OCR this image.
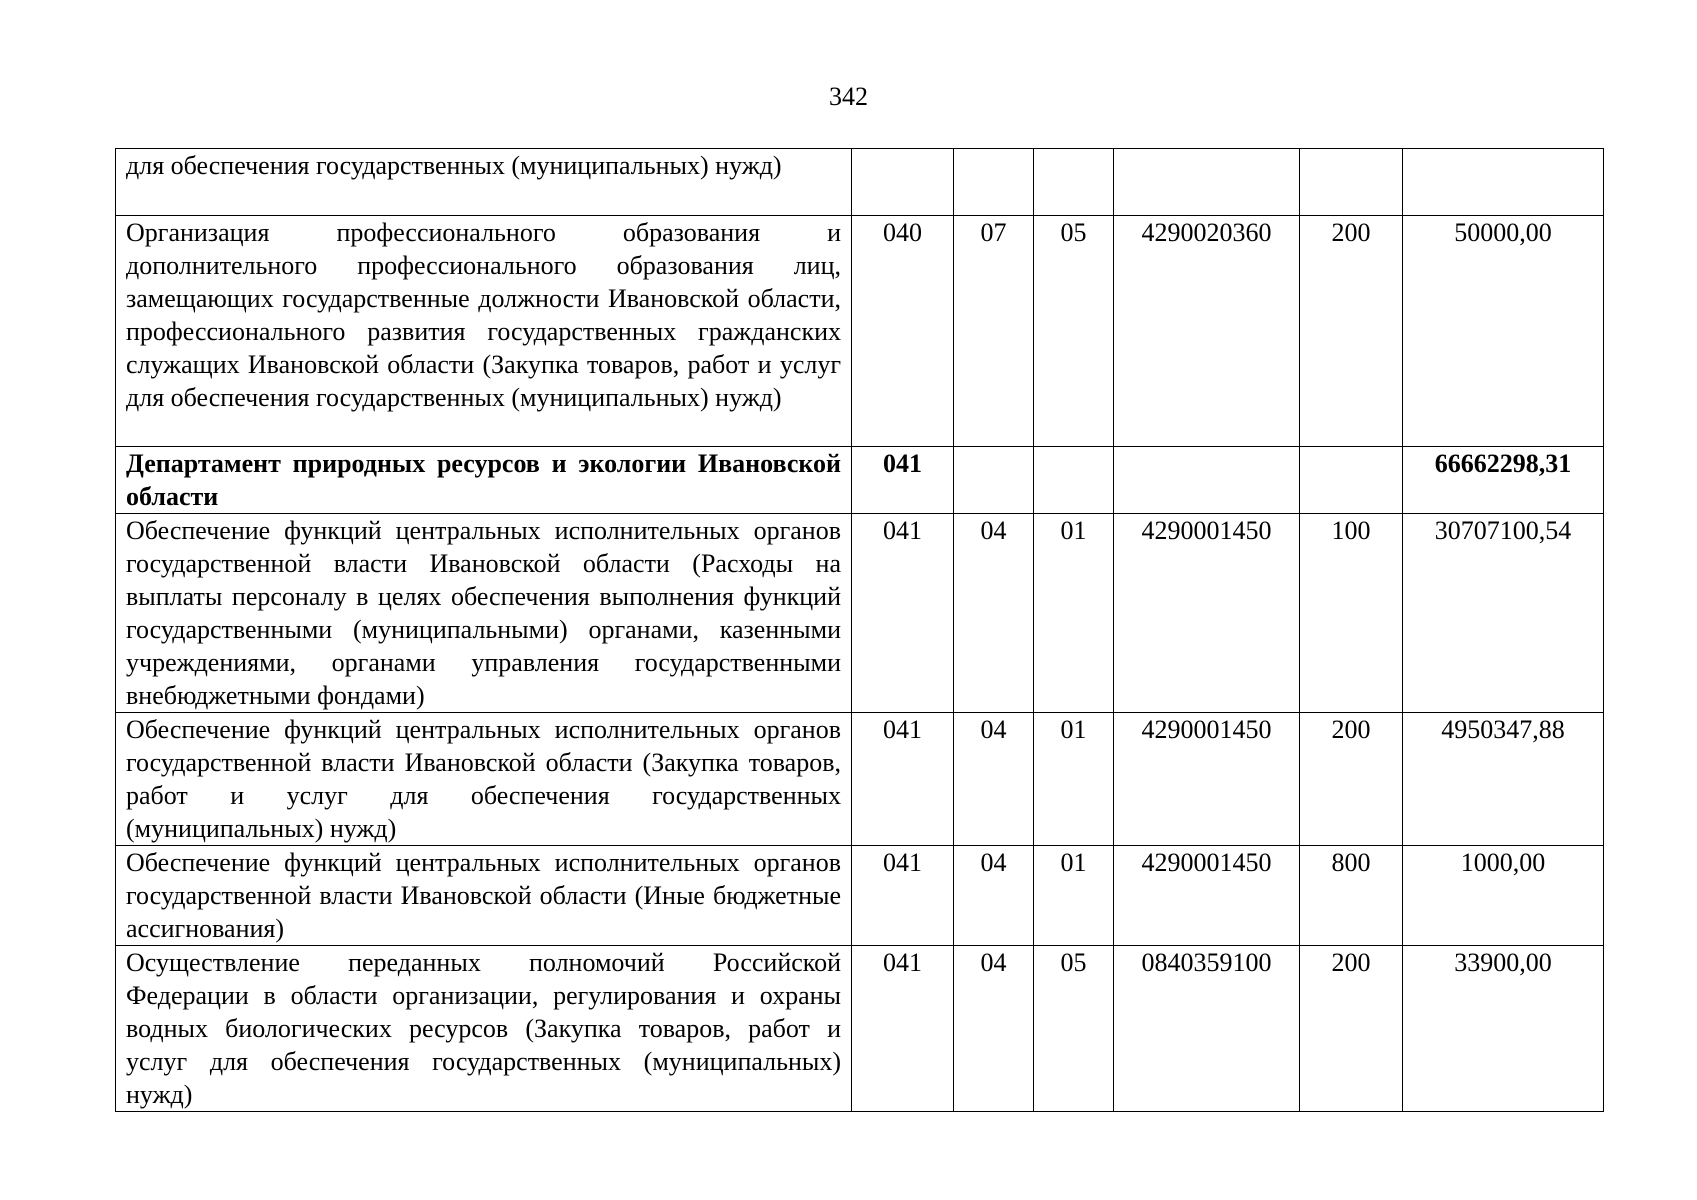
342
для обеспечения государственных (муниципальных) нужд)						
Организация профессионального образования и дополнительного профессионального образования лиц, замещающих государственные должности Ивановской области, профессионального развития государственных гражданских служащих Ивановской области (Закупка товаров, работ и услуг для обеспечения государственных (муниципальных) нужд)	040	07	05	4290020360	200	50000,00
Департамент природных ресурсов и экологии Ивановской области	041					66662298,31
Обеспечение функций центральных исполнительных органов государственной власти Ивановской области (Расходы на выплаты персоналу в целях обеспечения выполнения функций государственными (муниципальными) органами, казенными учреждениями, органами управления государственными внебюджетными фондами)	041	04	01	4290001450	100	30707100,54
Обеспечение функций центральных исполнительных органов государственной власти Ивановской области (Закупка товаров, работ и услуг для обеспечения государственных (муниципальных) нужд)	041	04	01	4290001450	200	4950347,88
Обеспечение функций центральных исполнительных органов государственной власти Ивановской области (Иные бюджетные ассигнования)	041	04	01	4290001450	800	1000,00
Осуществление переданных полномочий Российской Федерации в области организации, регулирования и охраны водных биологических ресурсов (Закупка товаров, работ и услуг для обеспечения государственных (муниципальных) нужд)	041	04	05	0840359100	200	33900,00
